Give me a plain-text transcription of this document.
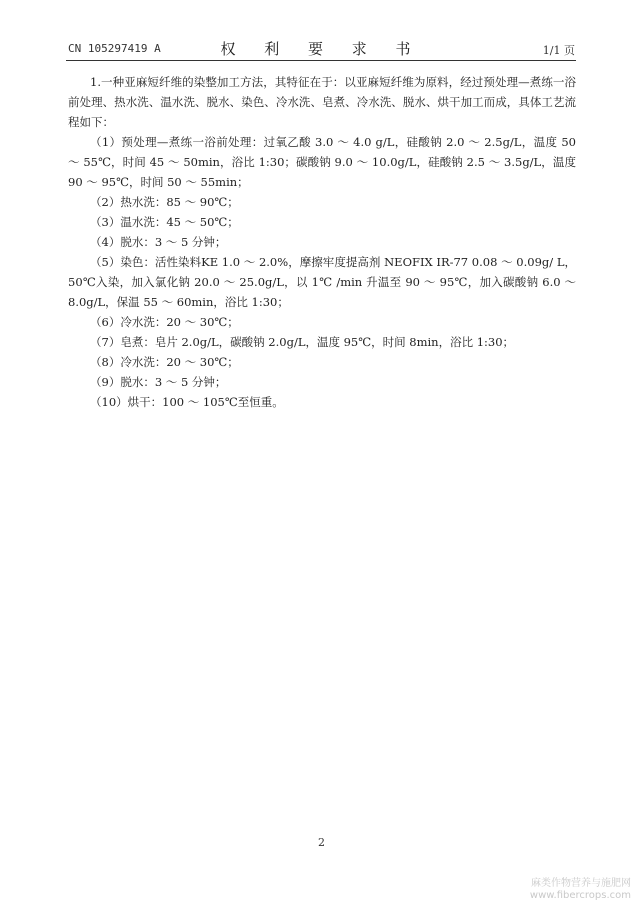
CN 105297419 A	权 利 要 求 书	1/1 页

1.一种亚麻短纤维的染整加工方法，其特征在于：以亚麻短纤维为原料，经过预处理—煮练一浴前处理、热水洗、温水洗、脱水、染色、冷水洗、皂煮、冷水洗、脱水、烘干加工而成，具体工艺流程如下：

（1）预处理—煮练一浴前处理：过氧乙酸 3.0 ～ 4.0 g/L，硅酸钠 2.0 ～ 2.5g/L，温度 50 ～ 55℃，时间 45 ～ 50min，浴比 1:30；碳酸钠 9.0 ～ 10.0g/L，硅酸钠 2.5 ～ 3.5g/L，温度 90 ～ 95℃，时间 50 ～ 55min；

（2）热水洗：85 ～ 90℃；

（3）温水洗：45 ～ 50℃；

（4）脱水：3 ～ 5 分钟；

（5）染色：活性染料KE 1.0 ～ 2.0%，摩擦牢度提高剂 NEOFIX IR-77 0.08 ～ 0.09g/ L，50℃入染，加入氯化钠 20.0 ～ 25.0g/L，以 1℃ /min 升温至 90 ～ 95℃，加入碳酸钠 6.0 ～ 8.0g/L，保温 55 ～ 60min，浴比 1:30；

（6）冷水洗：20 ～ 30℃；

（7）皂煮：皂片 2.0g/L，碳酸钠 2.0g/L，温度 95℃，时间 8min，浴比 1:30；

（8）冷水洗：20 ～ 30℃；

（9）脱水：3 ～ 5 分钟；

（10）烘干：100 ～ 105℃至恒重。

2
麻类作物营养与施肥网
www.fibercrops.com
